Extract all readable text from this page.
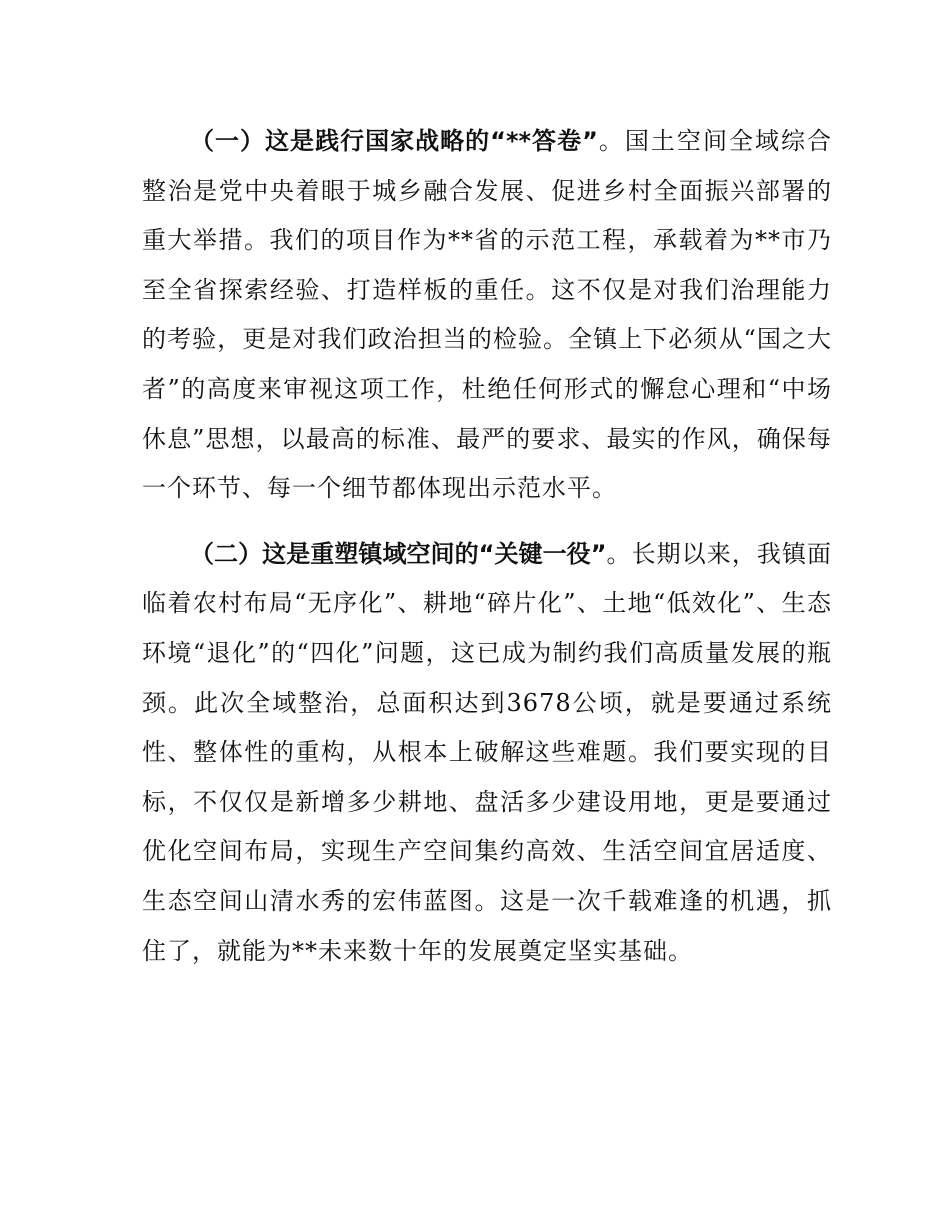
（一）这是践行国家战略的“**答卷”。国土空间全域综合整治是党中央着眼于城乡融合发展、促进乡村全面振兴部署的重大举措。我们的项目作为**省的示范工程，承载着为**市乃至全省探索经验、打造样板的重任。这不仅是对我们治理能力的考验，更是对我们政治担当的检验。全镇上下必须从“国之大者”的高度来审视这项工作，杜绝任何形式的懈怠心理和“中场休息”思想，以最高的标准、最严的要求、最实的作风，确保每一个环节、每一个细节都体现出示范水平。

（二）这是重塑镇域空间的“关键一役”。长期以来，我镇面临着农村布局“无序化”、耕地“碎片化”、土地“低效化”、生态环境“退化”的“四化”问题，这已成为制约我们高质量发展的瓶颈。此次全域整治，总面积达到3678公顷，就是要通过系统性、整体性的重构，从根本上破解这些难题。我们要实现的目标，不仅仅是新增多少耕地、盘活多少建设用地，更是要通过优化空间布局，实现生产空间集约高效、生活空间宜居适度、生态空间山清水秀的宏伟蓝图。这是一次千载难逢的机遇，抓住了，就能为**未来数十年的发展奠定坚实基础。
